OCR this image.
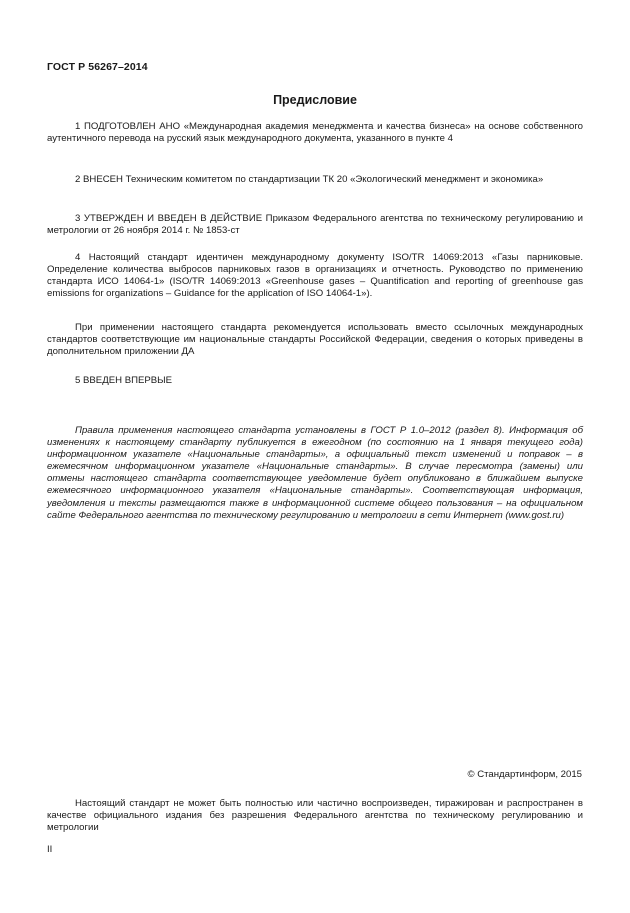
ГОСТ Р 56267–2014
Предисловие
1 ПОДГОТОВЛЕН АНО «Международная академия менеджмента и качества бизнеса» на основе собственного аутентичного перевода на русский язык международного документа, указанного в пункте 4
2 ВНЕСЕН Техническим комитетом по стандартизации ТК 20 «Экологический менеджмент и экономика»
3 УТВЕРЖДЕН И ВВЕДЕН В ДЕЙСТВИЕ Приказом Федерального агентства по техническому регулированию и метрологии от 26 ноября 2014 г. № 1853-ст
4 Настоящий стандарт идентичен международному документу ISO/TR 14069:2013 «Газы парниковые. Определение количества выбросов парниковых газов в организациях и отчетность. Руководство по применению стандарта ИСО 14064-1» (ISO/TR 14069:2013 «Greenhouse gases – Quantification and reporting of greenhouse gas emissions for organizations – Guidance for the application of ISO 14064-1»).
При применении настоящего стандарта рекомендуется использовать вместо ссылочных международных стандартов соответствующие им национальные стандарты Российской Федерации, сведения о которых приведены в дополнительном приложении ДА
5 ВВЕДЕН ВПЕРВЫЕ
Правила применения настоящего стандарта установлены в ГОСТ Р 1.0–2012 (раздел 8). Информация об изменениях к настоящему стандарту публикуется в ежегодном (по состоянию на 1 января текущего года) информационном указателе «Национальные стандарты», а официальный текст изменений и поправок – в ежемесячном информационном указателе «Национальные стандарты». В случае пересмотра (замены) или отмены настоящего стандарта соответствующее уведомление будет опубликовано в ближайшем выпуске ежемесячного информационного указателя «Национальные стандарты». Соответствующая информация, уведомления и тексты размещаются также в информационной системе общего пользования – на официальном сайте Федерального агентства по техническому регулированию и метрологии в сети Интернет (www.gost.ru)
© Стандартинформ, 2015
Настоящий стандарт не может быть полностью или частично воспроизведен, тиражирован и распространен в качестве официального издания без разрешения Федерального агентства по техническому регулированию и метрологии
II
